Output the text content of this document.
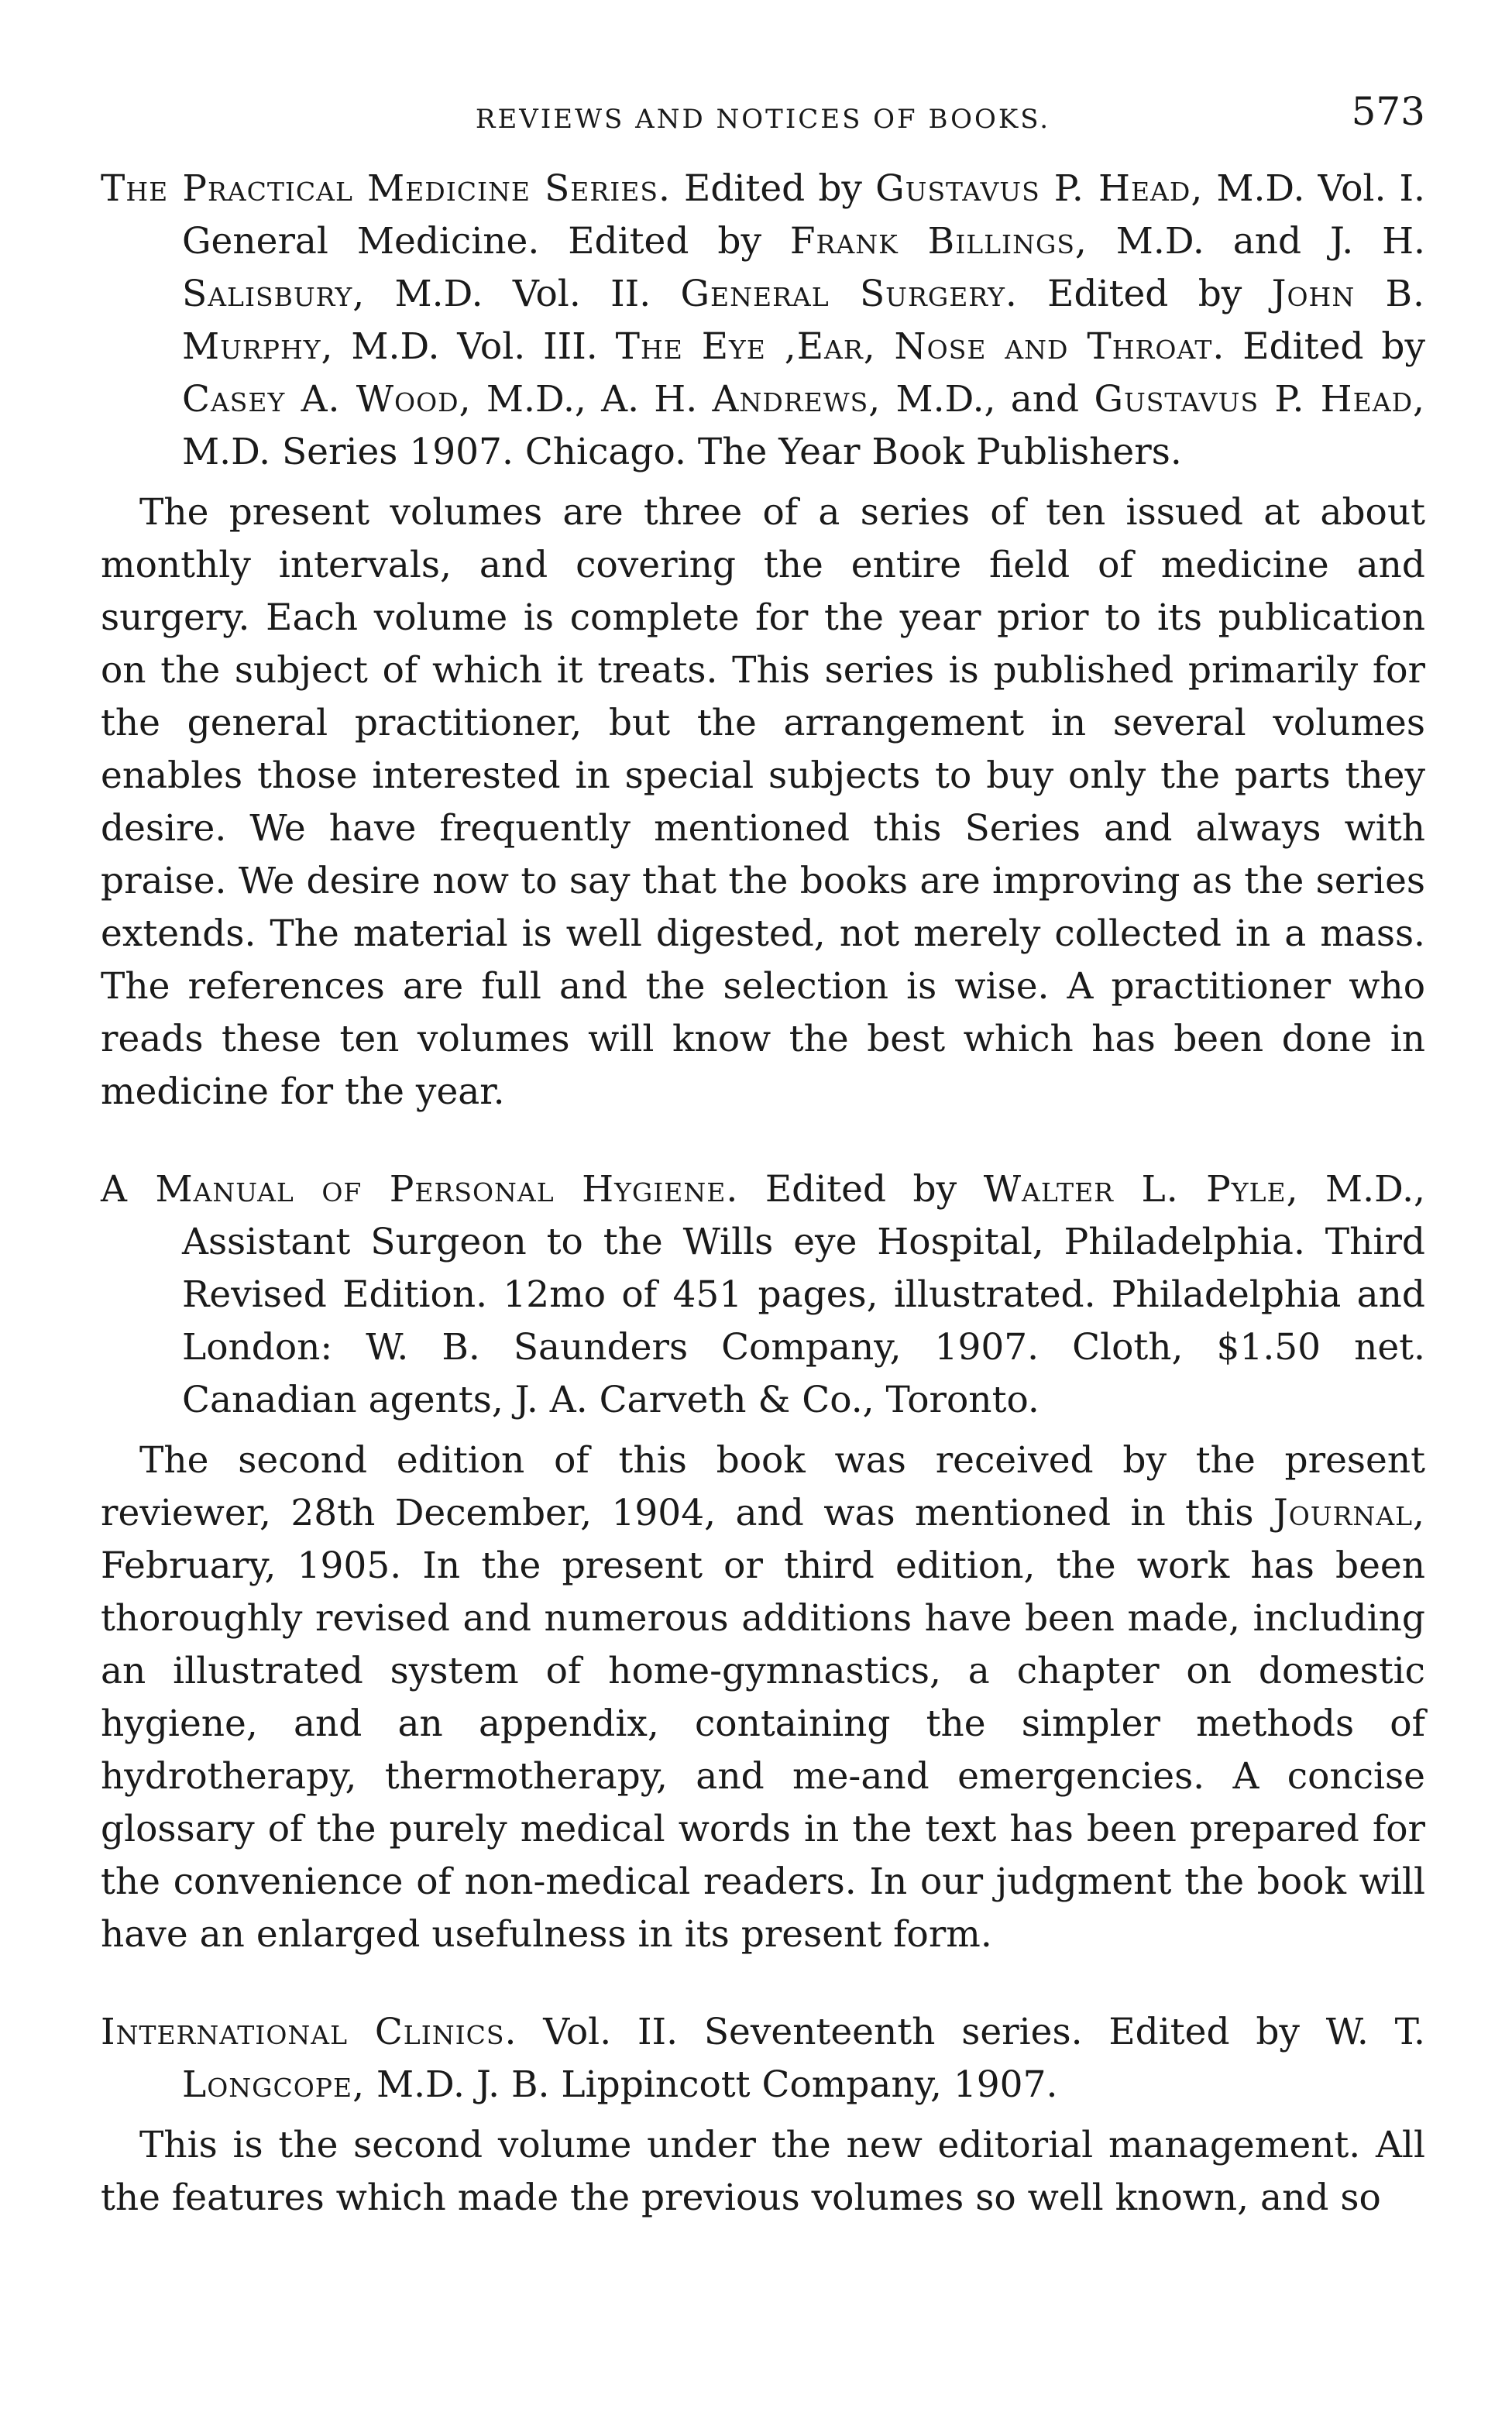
REVIEWS AND NOTICES OF BOOKS.	573

The Practical Medicine Series. Edited by Gustavus P. Head, M.D. Vol. I. General Medicine. Edited by Frank Billings, M.D. and J. H. Salisbury, M.D. Vol. II. General Surgery. Edited by John B. Murphy, M.D. Vol. III. The Eye ,Ear, Nose and Throat. Edited by Casey A. Wood, M.D., A. H. Andrews, M.D., and Gustavus P. Head, M.D. Series 1907. Chicago. The Year Book Publishers.

The present volumes are three of a series of ten issued at about monthly intervals, and covering the entire field of medicine and surgery. Each volume is complete for the year prior to its publication on the subject of which it treats. This series is published primarily for the general practitioner, but the arrangement in several volumes enables those interested in special subjects to buy only the parts they desire. We have frequently mentioned this Series and always with praise. We desire now to say that the books are improving as the series extends. The material is well digested, not merely collected in a mass. The references are full and the selection is wise. A practitioner who reads these ten volumes will know the best which has been done in medicine for the year.

A Manual of Personal Hygiene. Edited by Walter L. Pyle, M.D., Assistant Surgeon to the Wills eye Hospital, Philadelphia. Third Revised Edition. 12mo of 451 pages, illustrated. Philadelphia and London: W. B. Saunders Company, 1907. Cloth, $1.50 net. Canadian agents, J. A. Carveth & Co., Toronto.

The second edition of this book was received by the present reviewer, 28th December, 1904, and was mentioned in this Journal, February, 1905. In the present or third edition, the work has been thoroughly revised and numerous additions have been made, including an illustrated system of home-gymnastics, a chapter on domestic hygiene, and an appendix, containing the simpler methods of hydrotherapy, thermotherapy, and me-and emergencies. A concise glossary of the purely medical words in the text has been prepared for the convenience of non-medical readers. In our judgment the book will have an enlarged usefulness in its present form.

International Clinics. Vol. II. Seventeenth series. Edited by W. T. Longcope, M.D. J. B. Lippincott Company, 1907.

This is the second volume under the new editorial management. All the features which made the previous volumes so well known, and so
